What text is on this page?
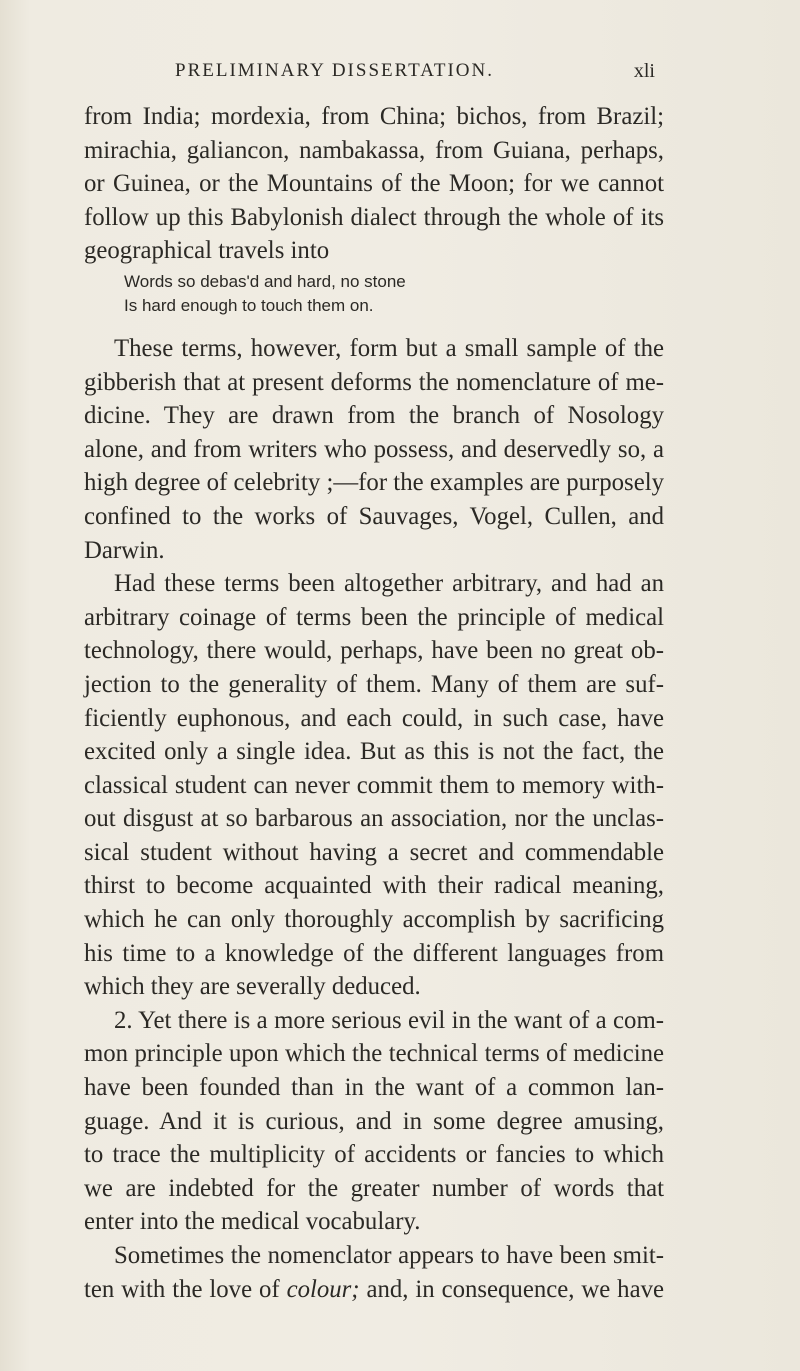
PRELIMINARY DISSERTATION.	xli
from India; mordexia, from China; bichos, from Brazil;
mirachia, galiancon, nambakassa, from Guiana, perhaps,
or Guinea, or the Mountains of the Moon; for we cannot
follow up this Babylonish dialect through the whole of its
geographical travels into
Words so debas'd and hard, no stone
Is hard enough to touch them on.
These terms, however, form but a small sample of the
gibberish that at present deforms the nomenclature of me-
dicine. They are drawn from the branch of Nosology
alone, and from writers who possess, and deservedly so, a
high degree of celebrity ;—for the examples are purposely
confined to the works of Sauvages, Vogel, Cullen, and
Darwin.
Had these terms been altogether arbitrary, and had an
arbitrary coinage of terms been the principle of medical
technology, there would, perhaps, have been no great ob-
jection to the generality of them. Many of them are suf-
ficiently euphonous, and each could, in such case, have
excited only a single idea. But as this is not the fact, the
classical student can never commit them to memory with-
out disgust at so barbarous an association, nor the unclas-
sical student without having a secret and commendable
thirst to become acquainted with their radical meaning,
which he can only thoroughly accomplish by sacrificing
his time to a knowledge of the different languages from
which they are severally deduced.
2. Yet there is a more serious evil in the want of a com-
mon principle upon which the technical terms of medicine
have been founded than in the want of a common lan-
guage. And it is curious, and in some degree amusing,
to trace the multiplicity of accidents or fancies to which
we are indebted for the greater number of words that
enter into the medical vocabulary.
Sometimes the nomenclator appears to have been smit-
ten with the love of colour; and, in consequence, we have
